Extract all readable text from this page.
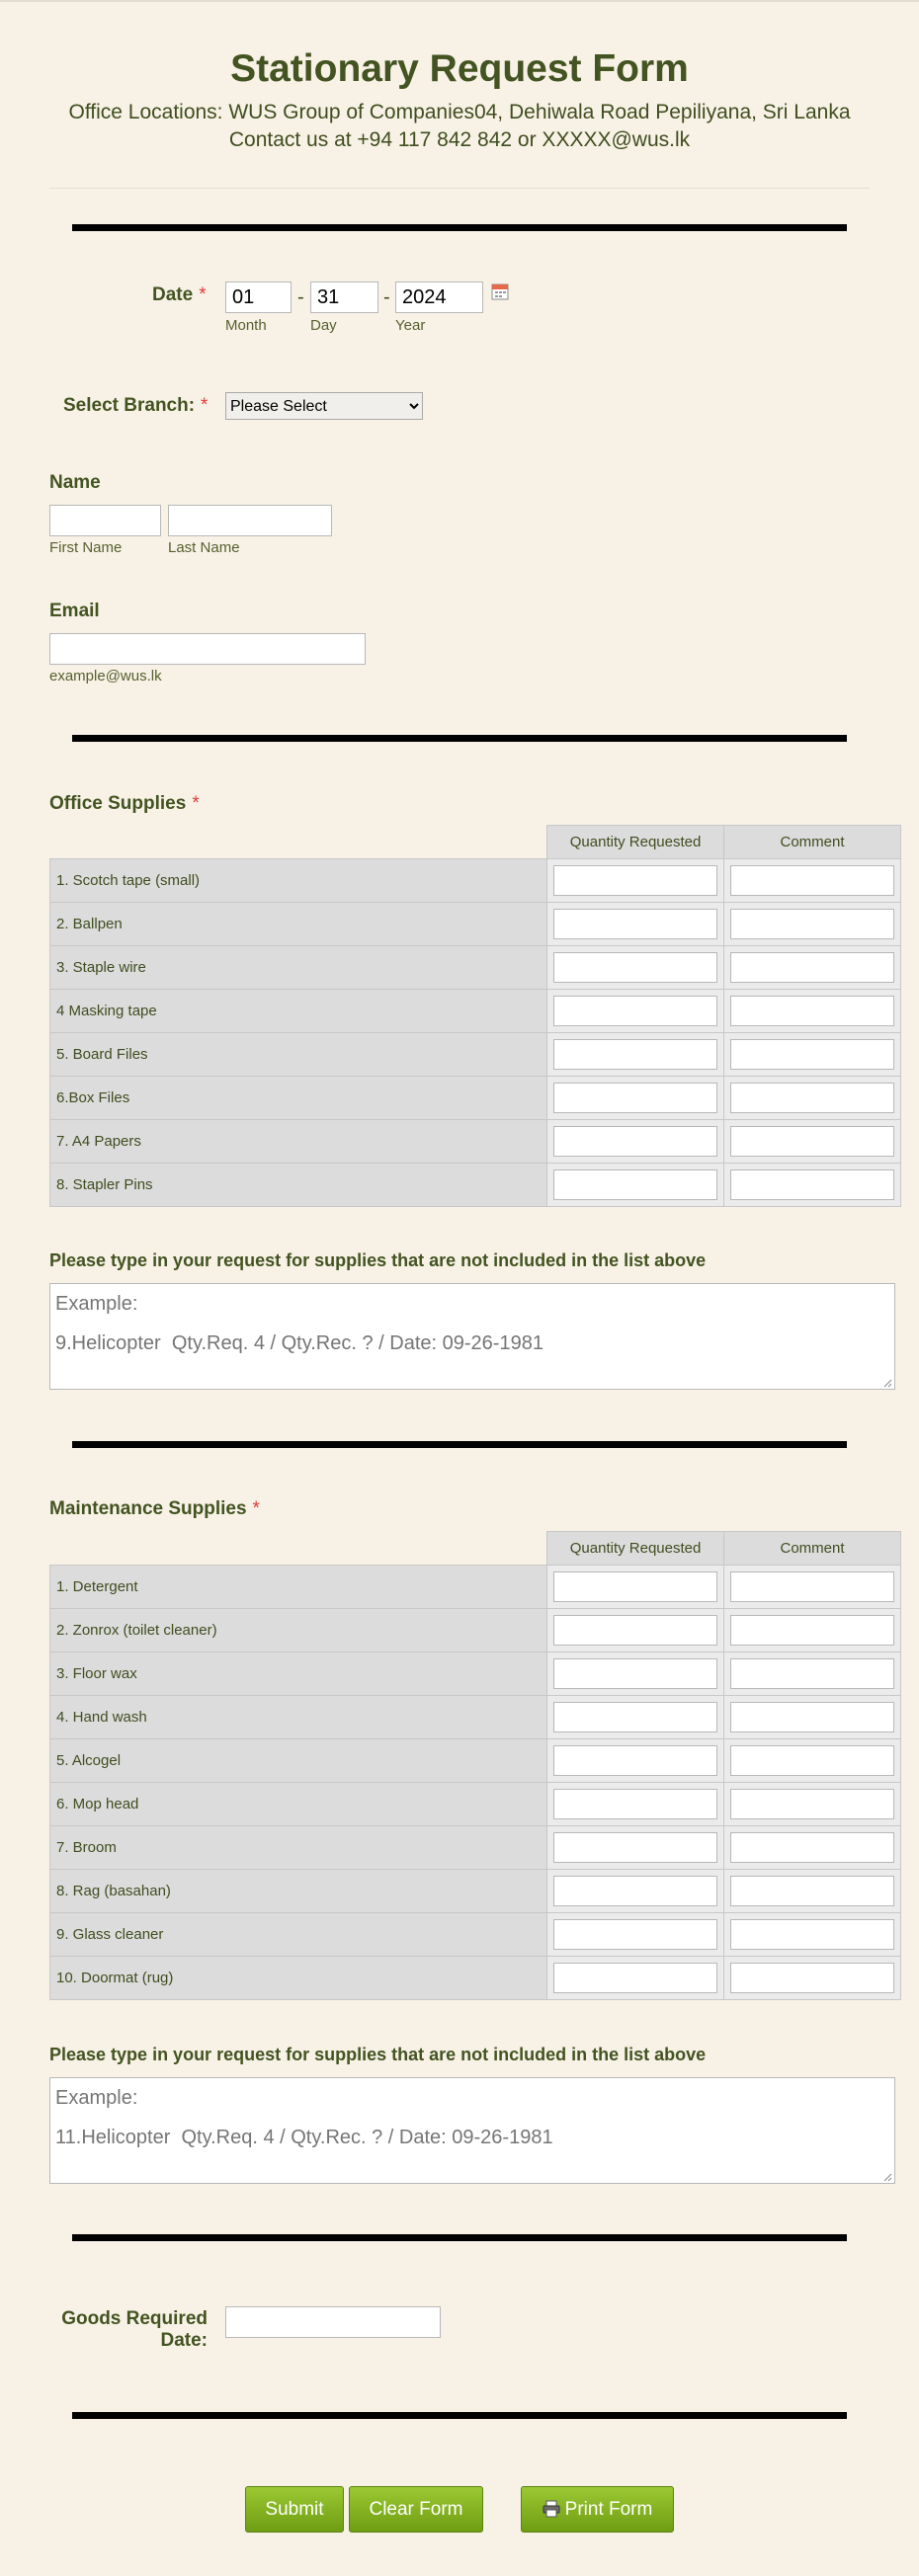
Stationary Request Form
Office Locations: WUS Group of Companies04, Dehiwala Road Pepiliyana, Sri Lanka Contact us at +94 117 842 842 or XXXXX@wus.lk
Date *
01	-
31	-
2024
Month	Day	Year
Select Branch: *
Please Select
Name
First Name	Last Name
Email
example@wus.lk
Office Supplies *
	Quantity Requested	Comment
1. Scotch tape (small)	

2. Ballpen	

3. Staple wire	

4 Masking tape	

5. Board Files	

6.Box Files	

7. A4 Papers	

8. Stapler Pins	

Please type in your request for supplies that are not included in the list above
Example: 9.Helicopter Qty.Req. 4 / Qty.Rec. ? / Date: 09-26-1981
Maintenance Supplies *
	Quantity Requested	Comment
1. Detergent	

2. Zonrox (toilet cleaner)	

3. Floor wax	

4. Hand wash	

5. Alcogel	

6. Mop head	

7. Broom	

8. Rag (basahan)	

9. Glass cleaner	

10. Doormat (rug)	

Please type in your request for supplies that are not included in the list above
Example: 11.Helicopter Qty.Req. 4 / Qty.Rec. ? / Date: 09-26-1981
Goods Required
Date:
Submit	Clear Form	Print Form
